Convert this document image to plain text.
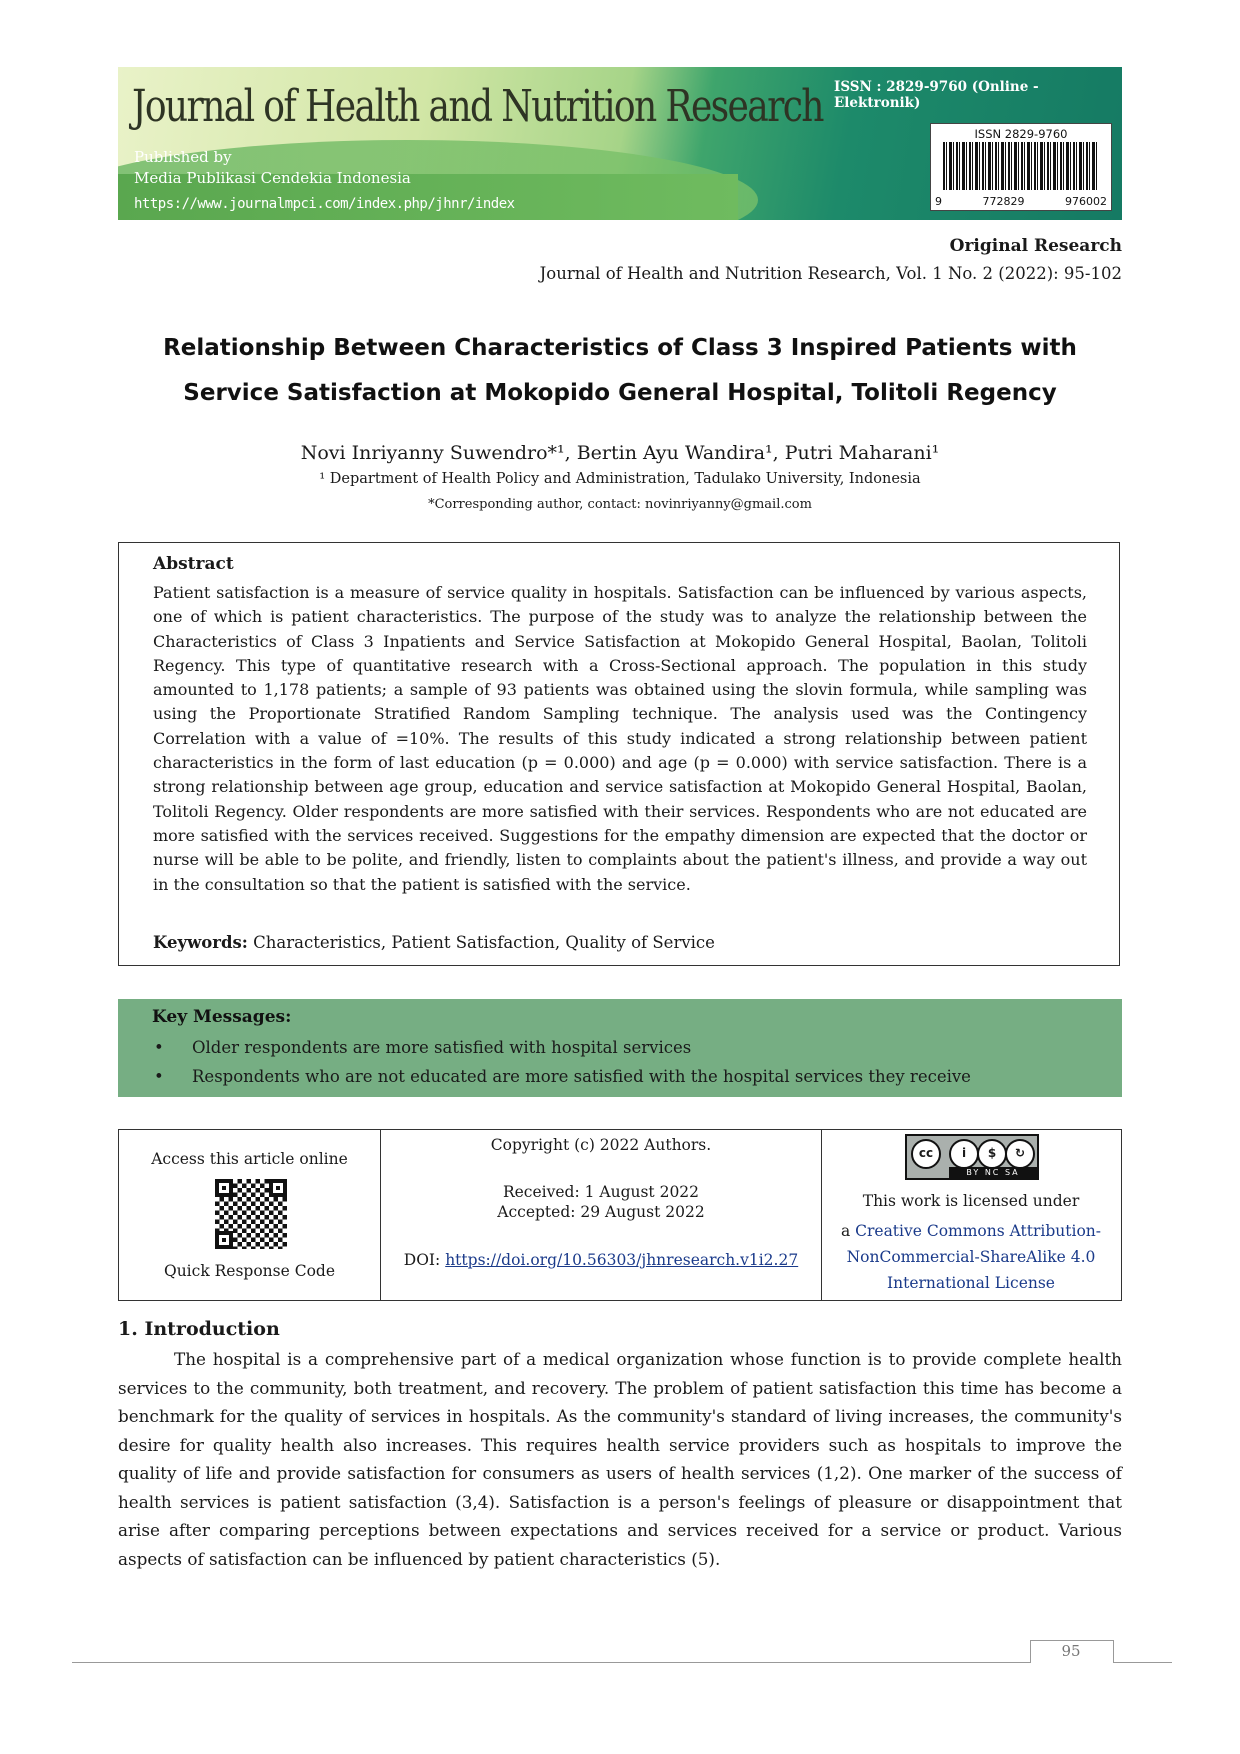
Journal of Health and Nutrition Research
Published by
Media Publikasi Cendekia Indonesia
https://www.journalmpci.com/index.php/jhnr/index
ISSN : 2829-9760 (Online - Elektronik)
ISSN 2829-9760
9	772829	976002
Original Research
Journal of Health and Nutrition Research, Vol. 1 No. 2 (2022): 95-102
Relationship Between Characteristics of Class 3 Inspired Patients with
Service Satisfaction at Mokopido General Hospital, Tolitoli Regency
Novi Inriyanny Suwendro*¹, Bertin Ayu Wandira¹, Putri Maharani¹
¹ Department of Health Policy and Administration, Tadulako University, Indonesia
*Corresponding author, contact: novinriyanny@gmail.com
Abstract
Patient satisfaction is a measure of service quality in hospitals. Satisfaction can be influenced by various aspects, one of which is patient characteristics. The purpose of the study was to analyze the relationship between the Characteristics of Class 3 Inpatients and Service Satisfaction at Mokopido General Hospital, Baolan, Tolitoli Regency. This type of quantitative research with a Cross-Sectional approach. The population in this study amounted to 1,178 patients; a sample of 93 patients was obtained using the slovin formula, while sampling was using the Proportionate Stratified Random Sampling technique. The analysis used was the Contingency Correlation with a value of =10%. The results of this study indicated a strong relationship between patient characteristics in the form of last education (p = 0.000) and age (p = 0.000) with service satisfaction. There is a strong relationship between age group, education and service satisfaction at Mokopido General Hospital, Baolan, Tolitoli Regency. Older respondents are more satisfied with their services. Respondents who are not educated are more satisfied with the services received. Suggestions for the empathy dimension are expected that the doctor or nurse will be able to be polite, and friendly, listen to complaints about the patient's illness, and provide a way out in the consultation so that the patient is satisfied with the service.
Keywords: Characteristics, Patient Satisfaction, Quality of Service
Key Messages:
• Older respondents are more satisfied with hospital services
• Respondents who are not educated are more satisfied with the hospital services they receive
Access this article online
Quick Response Code
Copyright (c) 2022 Authors.
Received: 1 August 2022
Accepted: 29 August 2022
DOI: https://doi.org/10.56303/jhnresearch.v1i2.27
cc	i	$	↻
BY NC SA
This work is licensed under
a Creative Commons Attribution-
NonCommercial-ShareAlike 4.0
International License
1. Introduction

The hospital is a comprehensive part of a medical organization whose function is to provide complete health services to the community, both treatment, and recovery. The problem of patient satisfaction this time has become a benchmark for the quality of services in hospitals. As the community's standard of living increases, the community's desire for quality health also increases. This requires health service providers such as hospitals to improve the quality of life and provide satisfaction for consumers as users of health services (1,2). One marker of the success of health services is patient satisfaction (3,4). Satisfaction is a person's feelings of pleasure or disappointment that arise after comparing perceptions between expectations and services received for a service or product. Various aspects of satisfaction can be influenced by patient characteristics (5).

95
